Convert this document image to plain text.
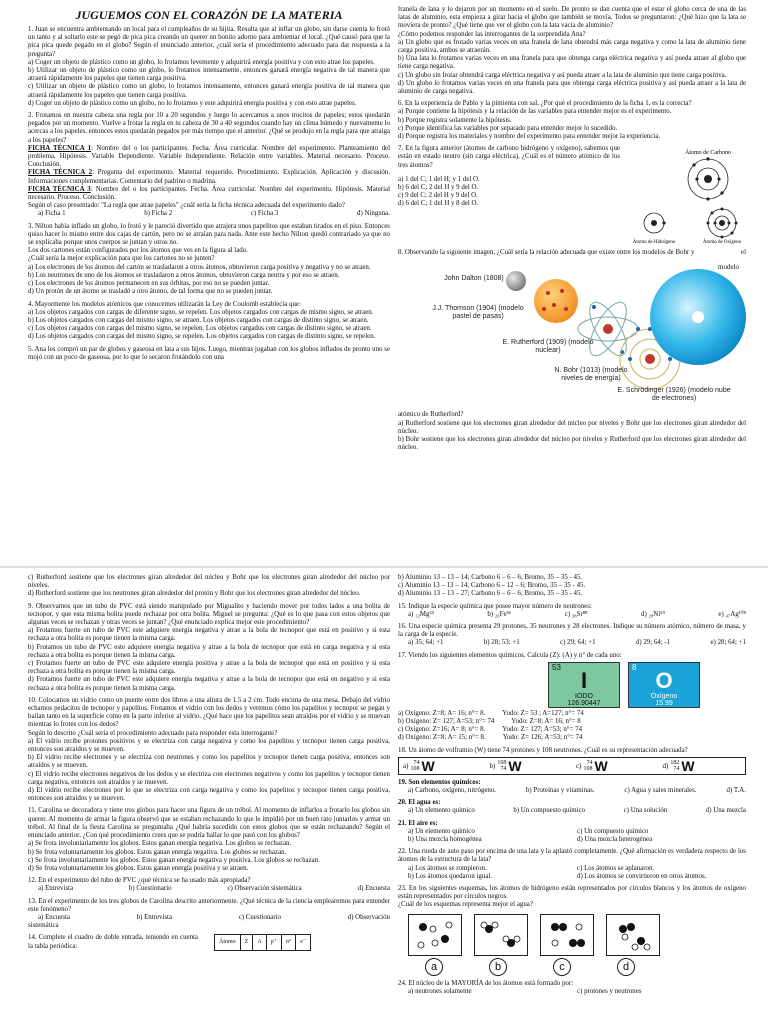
JUGUEMOS CON EL CORAZÓN DE LA MATERIA

1. Juan se encuentra ambientando un local para el cumpleaños de su hijita. Resulta que al inflar un globo, sin darse cuenta lo frotó un tanto y al soltarlo este se pegó de pica pica creando un querer un bonito adorno para ambientar el local. ¿Qué causó para que la pica pica quede pegado en el globo? Según el enunciado anterior, ¿cuál sería el procedimiento adecuado para dar respuesta a la pregunta?

a) Coger un objeto de plástico como un globo, lo frotamos levemente y adquirirá energía positiva y con esto atrae los papeles.

b) Utilizar un objeto de plástico como un globo, lo frotamos intensamente, entonces ganará energía negativa de tal manera que atraerá rápidamente los papeles que tienen carga positiva.

c) Utilizar un objeto de plástico como un globo, lo frotamos intensamente, entonces ganará energía positiva de tal manera que atraerá rápidamente los papeles que tienen carga positiva.

d) Coger un objeto de plástico como un globo, no lo frotamos y este adquirirá energía positiva y con esto atrae papeles.

2. Frotamos en nuestra cabeza una regla por 10 a 20 segundos y luego lo acercamos a unos trocitos de papeles; estos quedarán pegados por un momento. Vuelve a frotar la regla en tu cabeza de 30 a 40 segundos cuando hay un clima húmedo y nuevamente lo acercas a los papeles, entonces estos quedarán pegados por más tiempo que el anterior. ¿Qué se produjo en la regla para que atraiga a los papeles?

FICHA TÉCNICA 1: Nombre del o los participantes. Fecha. Área curricular. Nombre del experimento. Planteamiento del problema. Hipótesis. Variable Dependiente. Variable Independiente. Relación entre variables. Material necesario. Proceso. Conclusión.

FICHA TÉCNICA 2: Pregunta del experimento. Material requerido. Procedimiento. Explicación. Aplicación y discusión. Informaciones complementarias. Comentario del padrino o madrina.

FICHA TÉCNICA 3: Nombre del o los participantes. Fecha. Área curricular. Nombre del experimento. Hipótesis. Material necesario. Proceso. Conclusión.

Según el caso presentado: "La regla que atrae papeles" ¿cuál sería la ficha técnica adecuada del experimento dado?

a) Ficha 1	b) Ficha 2	c) Ficha 3	d) Ninguna.

3. Nilton había inflado un globo, lo frotó y le pareció divertido que atrajera unos papelitos que estaban tirados en el piso. Entonces quiso hacer lo mismo entre dos cajas de cartón, pero no se atraían para nada. Ante este hecho Nilton quedó contrariado ya que no se explicaba porque unos cuerpos se juntan y otros no.

Los dos cartones están configurados por los átomos que ves en la figura al lado.

¿Cuál sería la mejor explicación para que los cartones no se junten?

a) Los electrones de los átomos del cartón se trasladaron a otros átomos, obtuvieron carga positiva y negativa y no se atraen.

b) Los neutrones de uno de los átomos se trasladaron a otros átomos, obtuvieron carga neutra y por eso se atraen.

c) Los electrones de los átomos permanecen en sus órbitas, por eso no se pueden juntar.

d) Un protón de un átomo se trasladó a otro átomo, de tal forma que no se pueden juntar.

4. Mayormente los modelos atómicos que conocemos utilizarán la Ley de Coulomb establecía que:

a) Los objetos cargados con cargas de diferente signo, se repelen. Los objetos cargados con cargas de mismo signo, se atraen.

b) Los objetos cargados con cargas del mismo signo, se atraen. Los objetos cargados con cargas de distinto signo, se atraen.

c) Los objetos cargados con cargas del mismo signo, se repelen. Los objetos cargados con cargas de distinto signo, se atraen.

d) Los objetos cargados con cargas del mismo signo, se repelen. Los objetos cargados con cargas de distinto signo, se repelen.

5. Ana les compró un par de globos y gaseosa en lata a sus hijos. Luego, mientras jugaban con los globos inflados de pronto uno se mojó con un poco de gaseosa, por lo que lo secaron frotándolo con una

franela de lana y lo dejaron por un momento en el suelo. De pronto se dan cuenta que el estar el globo cerca de una de las latas de aluminio, esta empieza a girar hacia el globo que también se movía. Todos se preguntaron: ¿Qué hizo que la lata se moviera de pronto? ¿Qué tiene que ver el globo con la lata vacía de aluminio?

¿Cómo podemos responder las interrogantes de la sorprendida Ana?

a) Un globo que es frotado varias veces en una franela de lana obtendrá más carga negativa y como la lata de aluminio tiene carga positiva, ambos se atraerán.

b) Una lata lo frotamos varias veces en una franela para que obtenga carga eléctrica negativa y así pueda atraer al globo que tiene carga negativa.

c) Un globo sin frotar obtendrá carga eléctrica negativa y así pueda atraer a la lata de aluminio que tiene carga positiva.

d) Un globo lo frotamos varias veces en una franela para que obtenga carga eléctrica positiva y así pueda atraer a la lata de aluminio de carga negativa.

6. En la experiencia de Pablo y la pimienta con sal, ¿Por qué el procedimiento de la ficha 1, es la correcta?

a) Porque contiene la hipótesis y la relación de las variables para entender mejor es el experimento.

b) Porque registra solamente la hipótesis.

c) Porque identifica las variables por separado para entender mejor lo sucedido.

d) Porque registra los materiales y nombre del experimento para entender mejor la experiencia.

7. En la figura anterior (átomos de carbono hidrógeno y oxígeno), sabemos que están en estado neutro (sin carga eléctrica), ¿Cuál es el número atómico de los tres átomos?

a) 1 del C; 1 del H; y 1 del O.

b) 6 del C; 2 del H y 9 del O.

c) 9 del C; 2 del H y 9 del O.

d) 6 del C; 1 del H y 8 del O.

Átomo de Carbono
Átomo de Hidrógeno	Átomo de Oxígeno

8. Observando la siguiente imagen, ¿Cuál sería la relación adecuada que existe entre los modelos de Bohr y	el

John Dalton (1808)
J.J. Thomson (1904) (modelo pastel de pasas)
E. Rutherford (1909) (modelo nuclear)
N. Bohr (1013) (modelo niveles de energía)
E. Schrödinger (1926) (modelo nube de electrones)
modelo

atómico de Rutherford?

a) Rutherford sostiene que los electrones giran alrededor del núcleo por niveles y Bohr que los electrones giran alrededor del núcleo.

b) Bohr sostiene que los electrones giran alrededor del núcleo por niveles y Rutherford que los electrones giran alrededor del núcleo.

c) Rutherford sostiene que los electrones giran alrededor del núcleo y Bohr que los electrones giran alrededor del núcleo por niveles.

d) Rutherford sostiene que los neutrones giran alrededor del protón y Bohr que los electrones giran alrededor del núcleo.

9. Observamos que un tubo de PVC está siendo manipulado por Migualito y haciendo mover por todos lados a una bolita de tecnopor, y que esta misma bolita puede rechazar por otra bolita. Miguel se pregunta: ¿Qué es lo que pasa con estos objetos que algunas veces se rechazan y otras veces se juntan? ¿Qué enunciado explica mejor este procedimiento?

a) Frotamos fuerte un tubo de PVC este adquiere energía negativa y atrae a la bola de tecnopor que está en positivo y si esta rechaza a otra bolita es porque tienen la misma carga.

b) Frotamos un tubo de PVC este adquiere energía negativa y atrae a la bola de tecnopor que está en carga negativa y si esta rechaza a otra bolita es porque tienen la misma carga.

c) Frotamos fuerte un tubo de PVC este adquiere energía positiva y atrae a la bola de tecnopor que está en positivo y si esta rechaza a otra bolita es porque tienen la misma carga.

d) Frotamos fuerte un tubo de PVC este adquiere energía negativa y atrae a la bola de tecnopor que está en negativo y si esta rechaza a otra bolita es porque tienen la misma carga.

10. Colocamos un vidrio como un puente entre dos libros a una altura de 1.5 a 2 cm. Todo encima de una mesa. Debajo del vidrio echamos pedacitos de tecnopor y papelitos. Frotamos el vidrio con los dedos y veremos cómo los papelitos y tecnopor se pegan y bailan tanto en la superficie como en la parte inferior al vidrio. ¿Qué hace que los papelitos sean atraídos por el vidrio y se muevan mientras lo frotes con los dedos?

Según lo descrito ¿Cuál sería el procedimiento adecuado para responder esta interrogante?

a) El vidrio recibe protones positivos y se electriza con carga negativa y como los papelitos y tecnopor tienen carga positiva, entonces son atraídos y se mueven.

b) El vidrio recibe electrones y se electriza con neutrones y como los papelitos y tecnopor tienen carga positiva, entonces son atraídos y se mueven.

c) El vidrio recibe electrones negativos de los dedos y se electriza con electrones negativos y como los papelitos y tecnopor tienen carga negativa, entonces son atraídos y se mueven.

d) El vidrio recibe electrones por lo que se electriza con carga negativa y como los papelitos y tecnopor tienen carga positiva, entonces son atraídos y se mueven.

11. Carolina se decoradora y tiene tres globos para hacer una figura de un trébol. Al momento de inflarlos a frotarlo los globos sin querer. Al momento de armar la figura observó que se estaban rechazando lo que le impidió por un buen rato juntarlos y armar un trébol. Al final de la fiesta Carolina se preguntaba ¿Qué habría sucedido con estos globos que se están rechazando? Según el enunciado anterior, ¿Con qué procedimiento crees que se podría hallar lo que pasó con los globos?

a) Se frota involuntariamente los globos. Estos ganan energía negativa. Los globos se rechazan.

b) Se frota voluntariamente los globos. Estos ganan energía negativa. Los globos se rechazan.

c) Se frota involuntariamente los globos. Estos ganan energía negativa y positiva. Los globos se rechazan.

d) Se frota voluntariamente los globos. Estos ganan energía positiva y se atraen.

12. En el experimento del tubo de PVC ¿qué técnica se ha usado más apropiada?

a) Entrevista	b) Cuestionario	c) Observación sistemática	d) Encuesta

13. En el experimento de los tres globos de Carolina descrito anteriormente. ¿Qué técnica de la ciencia emplearemos para entender este fenómeno?

a) Encuesta	b) Entrevista	c) Cuestionario	d) Observación

sistemática

14. Complete el cuadro de doble entrada, teniendo en cuenta la tabla periódica:

Átomo	Z	A	p⁺	n°	e⁻

b) Aluminio 13 – 13 – 14; Carbono 6 – 6 – 6; Bromo, 35 – 35 - 45.

c) Aluminio 13 – 13 – 14; Carbono 6 – 12 – 6; Bromo, 35 – 35 - 45.

d) Aluminio 13 – 13 – 27; Carbono 6 – 6 – 6; Bromo, 35 – 35 - 45.

15. Indique la especie química que posee mayor número de neutrones:

a) ₁₂Mg²⁴	b) ₂₆Fe⁵⁶	c) ₃₈Sr⁸⁸	d) ₂₈Ni⁵⁹	e) ₄₇Ag¹⁰⁸

16. Una especie química presenta 29 protones, 35 neutrones y 28 electrones. Indique su número atómico, número de masa, y la carga de la especie.

a) 35; 64; +1	b) 28; 53; +1	c) 29; 64; +1	d) 29; 64; -1	e) 28; 64; +1

17. Viendo los siguientes elementos químicos. Calcula (Z): (A) y n° de cada uno:

53
I
IODO
126.90447
8
O
Oxígeno
15.99

a) Oxígeno: Z=8; A= 16; n°= 8.          Yodo: Z= 53 ; A=127; n°= 74

b) Oxígeno: Z= 127; A=53; n°= 74          Yodo: Z=8; A= 16; n°= 8

c) Oxígeno: Z=16; A= 8; n°= 8.          Yodo: Z= 127; A=53; n°= 74

d) Oxígeno: Z=8; A= 15; n°= 8.          Yodo: Z= 126; A=53; n°= 74

18. Un átomo de volframio (W) tiene 74 protones y 108 neutrones. ¿Cuál es su representación adecuada?

a) 74
108 W	b) 108
74 W	c) 74
108 W	d) 182
74 W

19. Son elementos químicos:

a) Carbono, oxígeno, nitrógeno.	b) Proteínas y vitaminas.	c) Agua y sales minerales.	d) T.A.

20. El agua es:

a) Un elemento químico	b) Un compuesto químico	c) Una solución	d) Una mezcla

21. El aire es:

a) Un elemento químico	c) Un compuesto químico
b) Una mezcla homogénea	d) Una mezcla heterogénea

22. Una rueda de auto paso por encima de una lata y la aplastó completamente. ¿Qué afirmación es verdadera respecto de los átomos de la estructura de la lata?

a) Los átomos se rompieron.	c) Los átomos se aplanaron.
b) Los átomos quedaron igual.	d) Los átomos se convirtieron en otros átomos.

23. En los siguientes esquemas, los átomos de hidrógeno están representados por círculos blancos y los átomos de oxígeno están representados por círculos negros.

¿Cuál de los esquemas representa mejor el agua?

a	b	c	d

24. El núcleo de la MAYORÍA de los átomos está formado por:

a) neutrones solamente	c) protones y neutrones
